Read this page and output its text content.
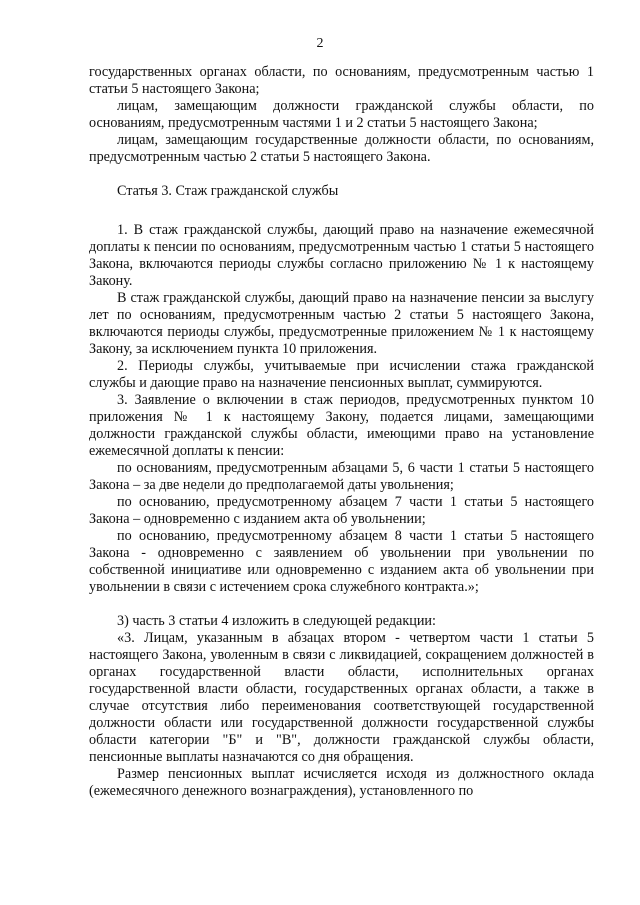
2

государственных органах области, по основаниям, предусмотренным частью 1 статьи 5 настоящего Закона;

лицам, замещающим должности гражданской службы области, по основаниям, предусмотренным частями 1 и 2 статьи 5 настоящего Закона;

лицам, замещающим государственные должности области, по основаниям, предусмотренным частью 2 статьи 5 настоящего Закона.

Статья 3. Стаж гражданской службы

1. В стаж гражданской службы, дающий право на назначение ежемесячной доплаты к пенсии по основаниям, предусмотренным частью 1 статьи 5 настоящего Закона, включаются периоды службы согласно приложению № 1 к настоящему Закону.

В стаж гражданской службы, дающий право на назначение пенсии за выслугу лет по основаниям, предусмотренным частью 2 статьи 5 настоящего Закона, включаются периоды службы, предусмотренные приложением № 1 к настоящему Закону, за исключением пункта 10 приложения.

2. Периоды службы, учитываемые при исчислении стажа гражданской службы и дающие право на назначение пенсионных выплат, суммируются.

3. Заявление о включении в стаж периодов, предусмотренных пунктом 10 приложения № 1 к настоящему Закону, подается лицами, замещающими должности гражданской службы области, имеющими право на установление ежемесячной доплаты к пенсии:

по основаниям, предусмотренным абзацами 5, 6 части 1 статьи 5 настоящего Закона – за две недели до предполагаемой даты увольнения;

по основанию, предусмотренному абзацем 7 части 1 статьи 5 настоящего Закона – одновременно с изданием акта об увольнении;

по основанию, предусмотренному абзацем 8 части 1 статьи 5 настоящего Закона - одновременно с заявлением об увольнении при увольнении по собственной инициативе или одновременно с изданием акта об увольнении при увольнении в связи с истечением срока служебного контракта.»;

3) часть 3 статьи 4 изложить в следующей редакции:

«3. Лицам, указанным в абзацах втором - четвертом части 1 статьи 5 настоящего Закона, уволенным в связи с ликвидацией, сокращением должностей в органах государственной власти области, исполнительных органах государственной власти области, государственных органах области, а также в случае отсутствия либо переименования соответствующей государственной должности области или государственной должности государственной службы области категории "Б" и "В", должности гражданской службы области, пенсионные выплаты назначаются со дня обращения.

Размер пенсионных выплат исчисляется исходя из должностного оклада (ежемесячного денежного вознаграждения), установленного по
